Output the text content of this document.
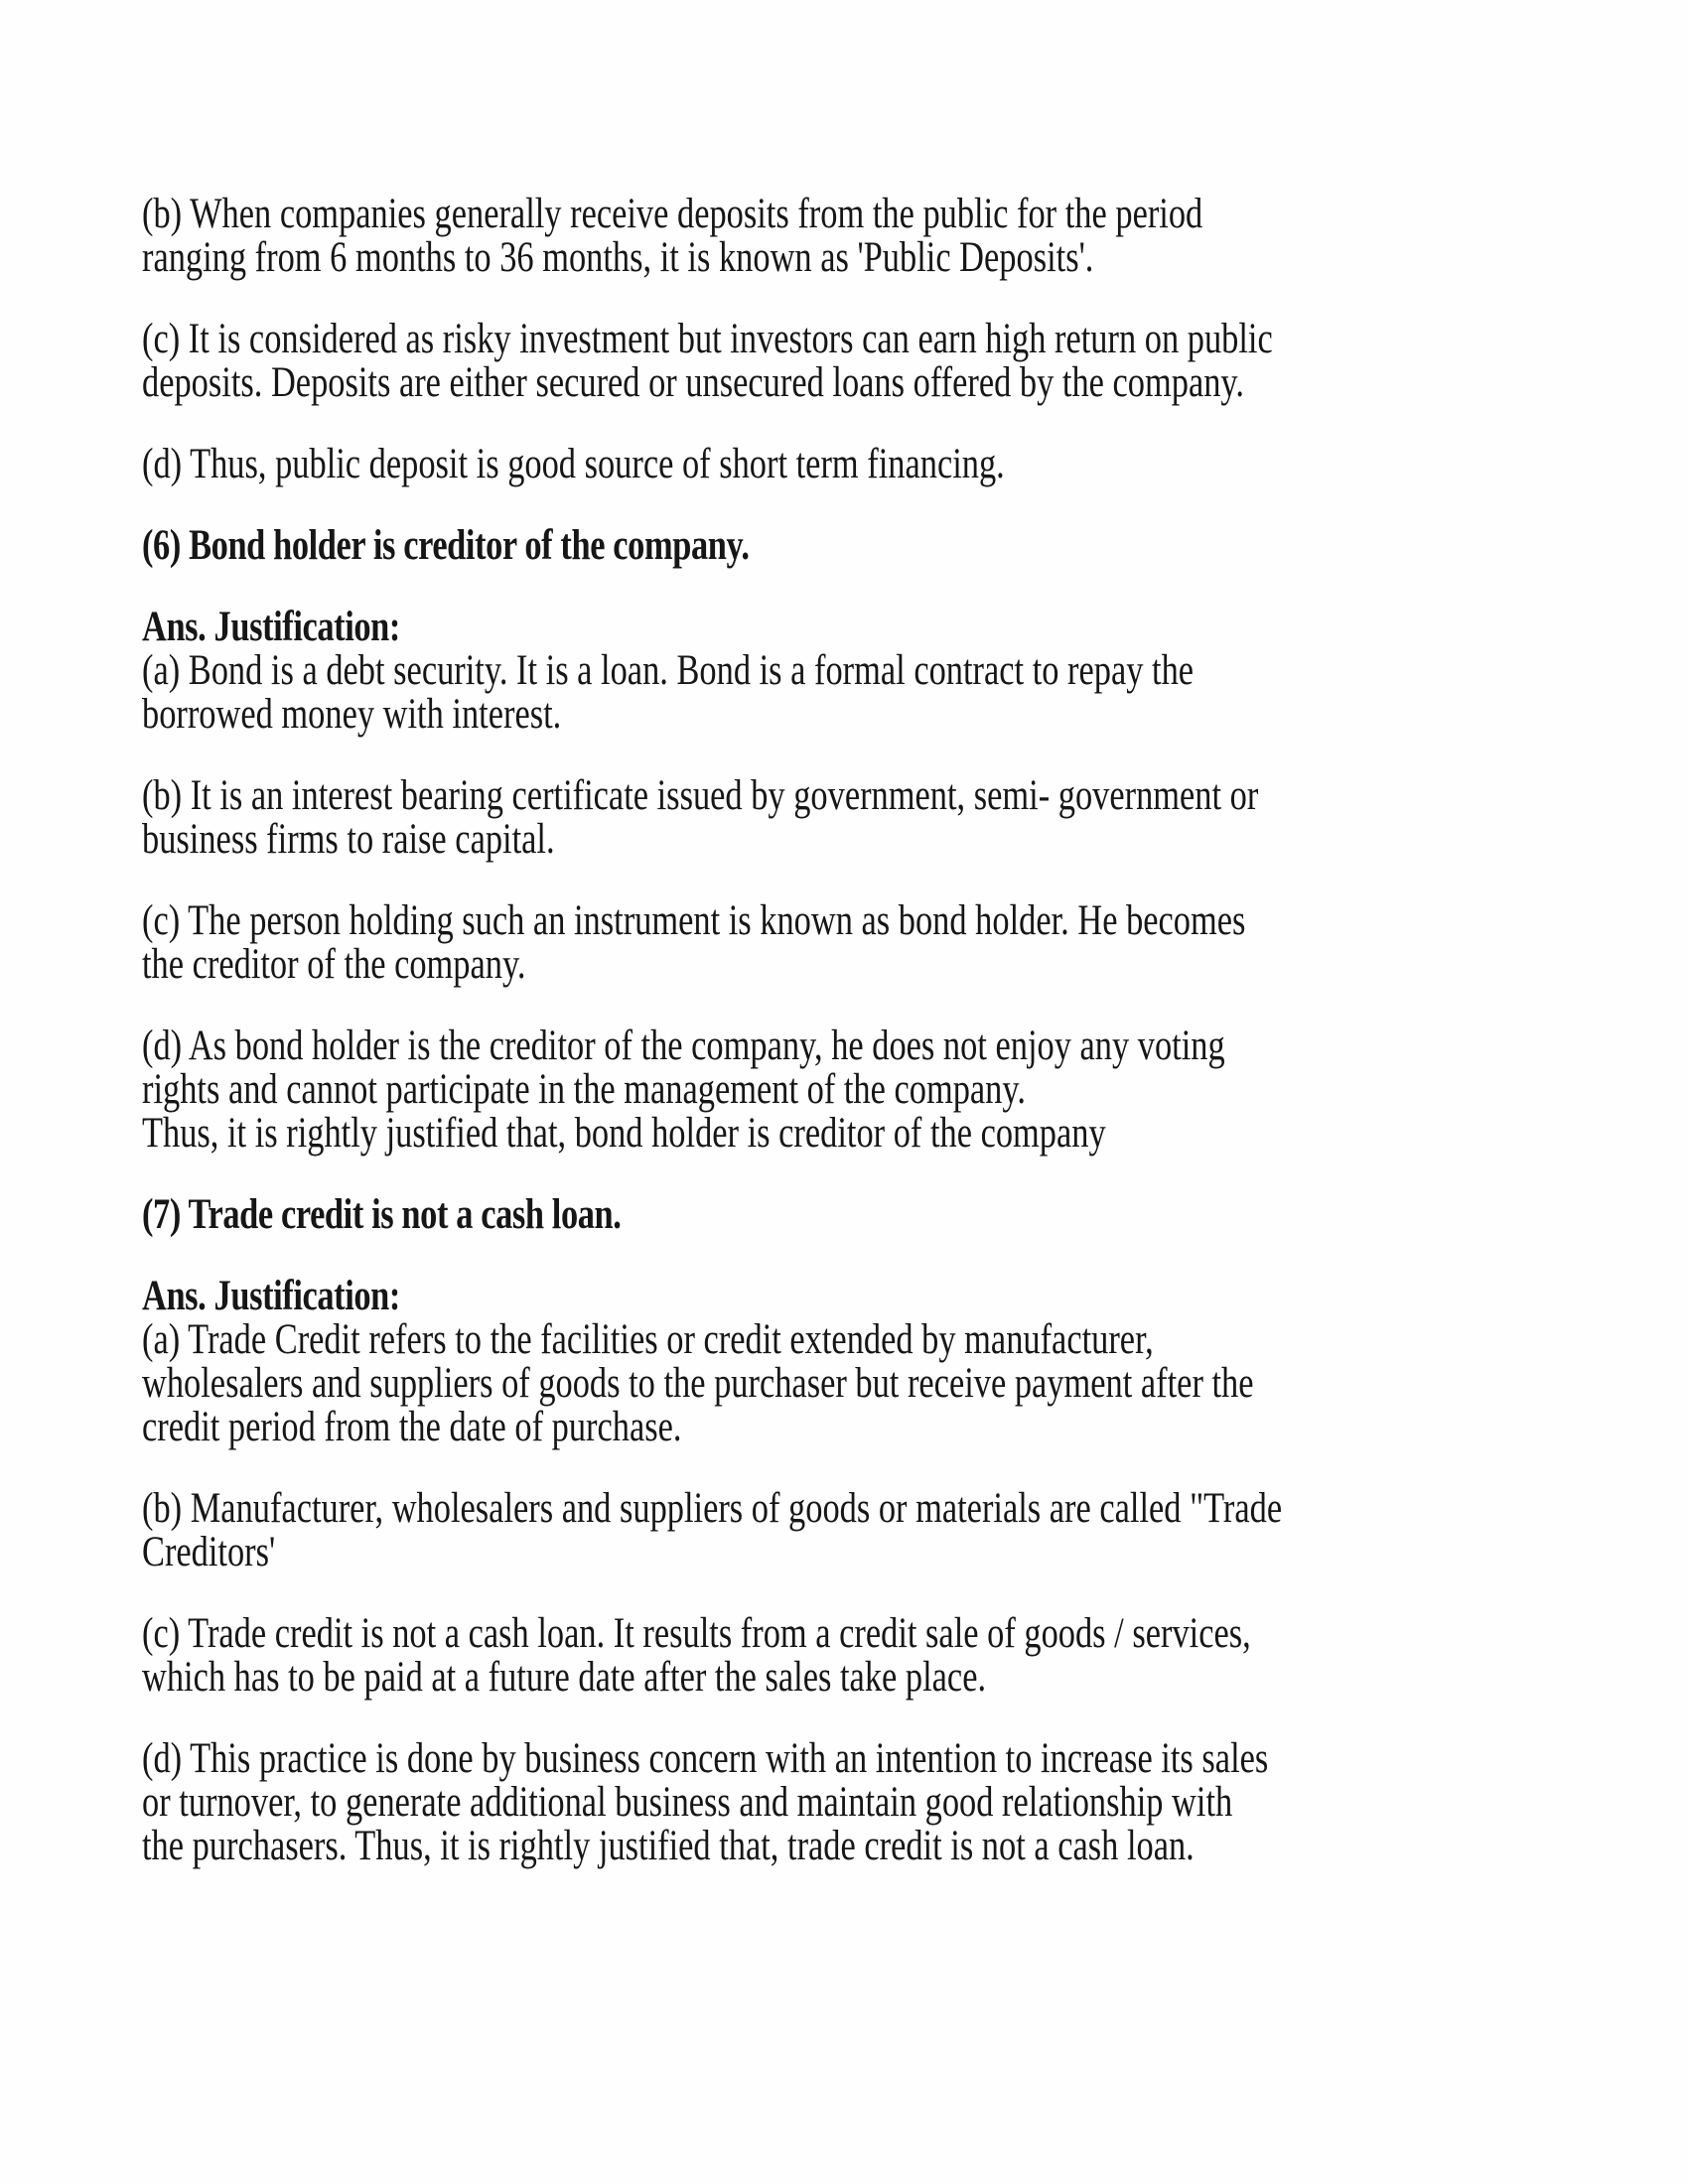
(b) When companies generally receive deposits from the public for the period
ranging from 6 months to 36 months, it is known as 'Public Deposits'.
(c) It is considered as risky investment but investors can earn high return on public
deposits. Deposits are either secured or unsecured loans offered by the company.
(d) Thus, public deposit is good source of short term financing.
(6) Bond holder is creditor of the company.
Ans. Justification:
(a) Bond is a debt security. It is a loan. Bond is a formal contract to repay the
borrowed money with interest.
(b) It is an interest bearing certificate issued by government, semi- government or
business firms to raise capital.
(c) The person holding such an instrument is known as bond holder. He becomes
the creditor of the company.
(d) As bond holder is the creditor of the company, he does not enjoy any voting
rights and cannot participate in the management of the company.
Thus, it is rightly justified that, bond holder is creditor of the company
(7) Trade credit is not a cash loan.
Ans. Justification:
(a) Trade Credit refers to the facilities or credit extended by manufacturer,
wholesalers and suppliers of goods to the purchaser but receive payment after the
credit period from the date of purchase.
(b) Manufacturer, wholesalers and suppliers of goods or materials are called "Trade
Creditors'
(c) Trade credit is not a cash loan. It results from a credit sale of goods / services,
which has to be paid at a future date after the sales take place.
(d) This practice is done by business concern with an intention to increase its sales
or turnover, to generate additional business and maintain good relationship with
the purchasers. Thus, it is rightly justified that, trade credit is not a cash loan.
